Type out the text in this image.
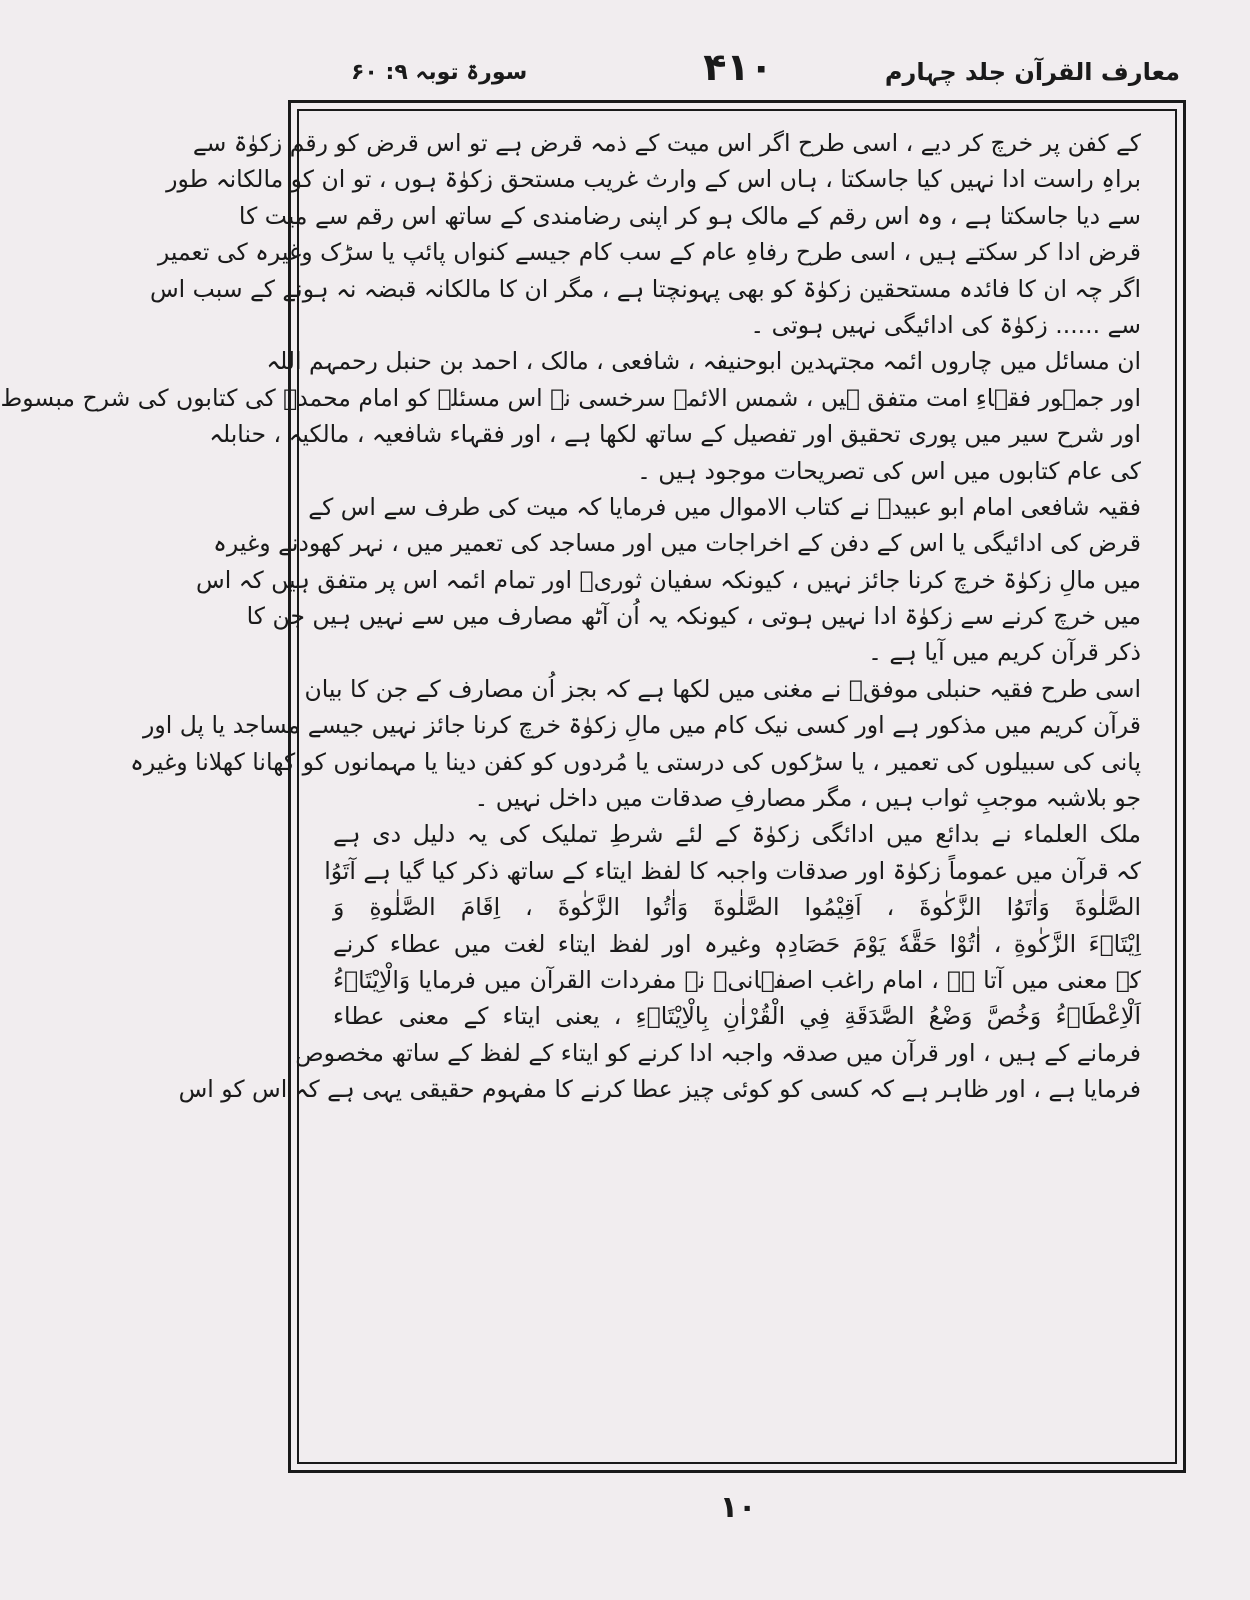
سورۃ توبہ ۹: ۶۰	۴۱۰	معارف القرآن جلد چہارم
کے کفن پر خرچ کر دیے ، اسی طرح اگر اس میت کے ذمہ قرض ہے تو اس قرض کو رقم زکوٰۃ سے
براہِ راست ادا نہیں کیا جاسکتا ، ہاں اس کے وارث غریب مستحق زکوٰۃ ہوں ، تو ان کو مالکانہ طور
سے دیا جاسکتا ہے ، وہ اس رقم کے مالک ہو کر اپنی رضامندی کے ساتھ اس رقم سے میت کا
قرض ادا کر سکتے ہیں ، اسی طرح رفاہِ عام کے سب کام جیسے کنواں پائپ یا سڑک وغیرہ کی تعمیر
اگر چہ ان کا فائدہ مستحقین زکوٰۃ کو بھی پہونچتا ہے ، مگر ان کا مالکانہ قبضہ نہ ہونے کے سبب اس
سے ...... زکوٰۃ کی ادائیگی نہیں ہوتی ۔
ان مسائل میں چاروں ائمہ مجتہدین ابوحنیفہ ، شافعی ، مالک ، احمد بن حنبل رحمہم اللہ
اور جمہور فقہاءِ امت متفق ہیں ، شمس الائمہ سرخسی نے اس مسئلہ کو امام محمدؒ کی کتابوں کی شرح مبسوط
اور شرح سیر میں پوری تحقیق اور تفصیل کے ساتھ لکھا ہے ، اور فقہاء شافعیہ ، مالکیہ ، حنابلہ
کی عام کتابوں میں اس کی تصریحات موجود ہیں ۔
فقیہ شافعی امام ابو عبیدؒ نے کتاب الاموال میں فرمایا کہ میت کی طرف سے اس کے
قرض کی ادائیگی یا اس کے دفن کے اخراجات میں اور مساجد کی تعمیر میں ، نہر کھودنے وغیرہ
میں مالِ زکوٰۃ خرچ کرنا جائز نہیں ، کیونکہ سفیان ثوریؒ اور تمام ائمہ اس پر متفق ہیں کہ اس
میں خرچ کرنے سے زکوٰۃ ادا نہیں ہوتی ، کیونکہ یہ اُن آٹھ مصارف میں سے نہیں ہیں جن کا
ذکر قرآن کریم میں آیا ہے ۔
اسی طرح فقیہ حنبلی موفقؒ نے مغنی میں لکھا ہے کہ بجز اُن مصارف کے جن کا بیان
قرآن کریم میں مذکور ہے اور کسی نیک کام میں مالِ زکوٰۃ خرچ کرنا جائز نہیں جیسے مساجد یا پل اور
پانی کی سبیلوں کی تعمیر ، یا سڑکوں کی درستی یا مُردوں کو کفن دینا یا مہمانوں کو کھانا کھلانا وغیرہ
جو بلاشبہ موجبِ ثواب ہیں ، مگر مصارفِ صدقات میں داخل نہیں ۔
ملک العلماء نے بدائع میں ادائگی زکوٰۃ کے لئے شرطِ تملیک کی یہ دلیل دی ہے
کہ قرآن میں عموماً زکوٰۃ اور صدقات واجبہ کا لفظ ایتاء کے ساتھ ذکر کیا گیا ہے آتَوُا
الصَّلٰوةَ وَاٰتَوُا الزَّكٰوةَ ، اَقِيْمُوا الصَّلٰوةَ وَاٰتُوا الزَّكٰوةَ ، اِقَامَ الصَّلٰوةِ وَ
اِيْتَاۗءَ الزَّكٰوةِ ، اٰتُوْا حَقَّهٗ يَوْمَ حَصَادِهٖ وغیرہ اور لفظ ایتاء لغت میں عطاء کرنے
کے معنی میں آتا ہے ، امام راغب اصفہانیؒ نے مفردات القرآن میں فرمایا وَالْاِيْتَاۗءُ
اَلْاِعْطَاۗءُ وَخُصَّ وَضْعُ الصَّدَقَةِ فِي الْقُرْاٰنِ بِالْاِيْتَاۗءِ ، یعنی ایتاء کے معنی عطاء
فرمانے کے ہیں ، اور قرآن میں صدقہ واجبہ ادا کرنے کو ایتاء کے لفظ کے ساتھ مخصوص
فرمایا ہے ، اور ظاہر ہے کہ کسی کو کوئی چیز عطا کرنے کا مفہوم حقیقی یہی ہے کہ اس کو اس
۱۰
